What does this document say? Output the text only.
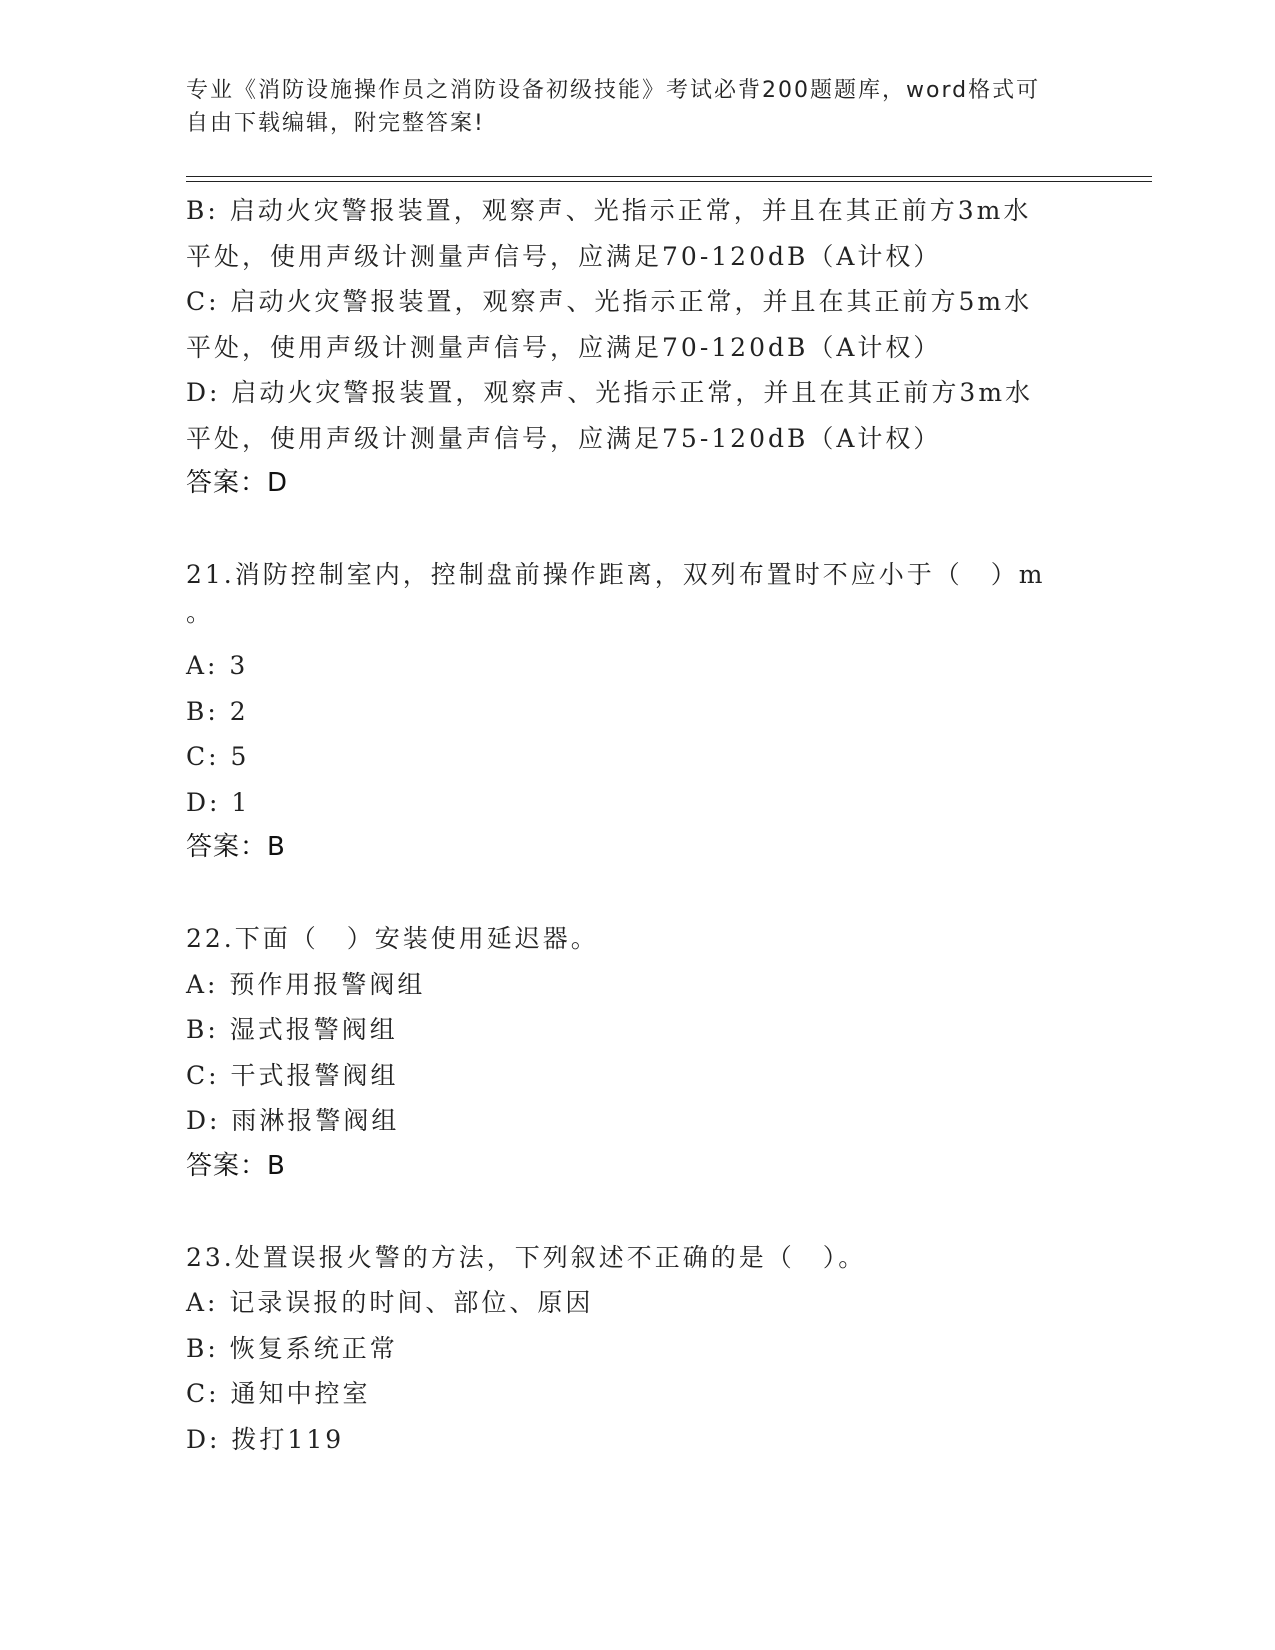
专业《消防设施操作员之消防设备初级技能》考试必背200题题库，word格式可
自由下载编辑，附完整答案!
B: 启动火灾警报装置，观察声、光指示正常，并且在其正前方3m水
平处，使用声级计测量声信号，应满足70-120dB（A计权）
C: 启动火灾警报装置，观察声、光指示正常，并且在其正前方5m水
平处，使用声级计测量声信号，应满足70-120dB（A计权）
D: 启动火灾警报装置，观察声、光指示正常，并且在其正前方3m水
平处，使用声级计测量声信号，应满足75-120dB（A计权）
答案：D
21.消防控制室内，控制盘前操作距离，双列布置时不应小于（　）m
。
A: 3
B: 2
C: 5
D: 1
答案：B
22.下面（　）安装使用延迟器。
A: 预作用报警阀组
B: 湿式报警阀组
C: 干式报警阀组
D: 雨淋报警阀组
答案：B
23.处置误报火警的方法，下列叙述不正确的是（　）。
A: 记录误报的时间、部位、原因
B: 恢复系统正常
C: 通知中控室
D: 拨打119
